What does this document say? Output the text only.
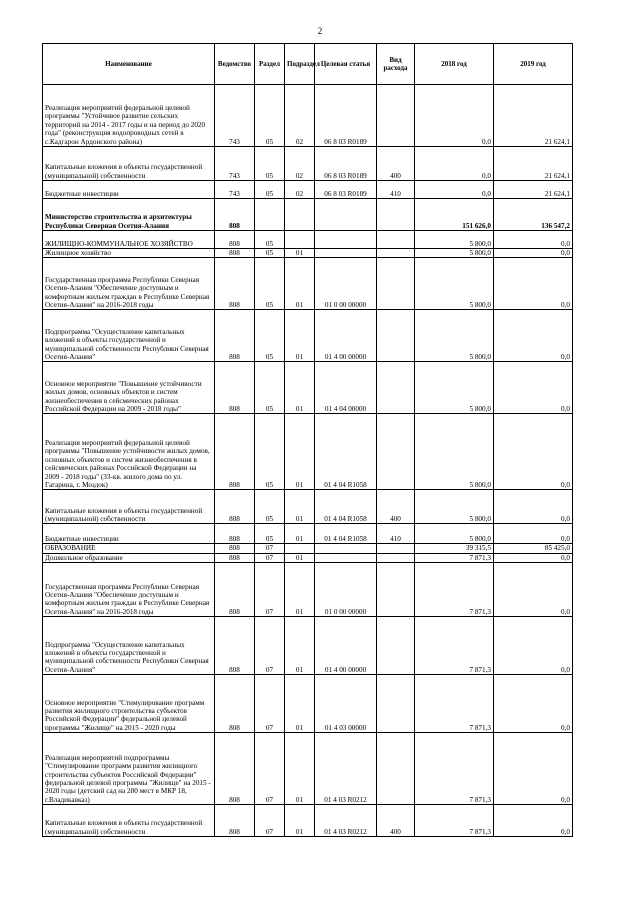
2
Наименование	Ведомство	Раздел	Подраздел	Целевая статья	Вид расхода	2018 год	2019 год
Реализация мероприятий федеральной целевой программы "Устойчивое развитие сельских территорий на 2014 - 2017 годы и на период до 2020 года" (реконструкция водопроводных сетей в с.Кадгарон Ардонского района)	743	05	02	06 8 03 R0189		0,0	21 624,1
Капитальные вложения в объекты государственной (муниципальной) собственности	743	05	02	06 8 03 R0189	400	0,0	21 624,1
Бюджетные инвестиции	743	05	02	06 8 03 R0189	410	0,0	21 624,1
Министерство строительства и архитектуры Республики Северная Осетия-Алания	808					151 626,0	136 547,2
ЖИЛИЩНО-КОММУНАЛЬНОЕ ХОЗЯЙСТВО	808	05				5 800,0	0,0
Жилищное хозяйство	808	05	01			5 800,0	0,0
Государственная программа Республики Северная Осетия-Алания "Обеспечение доступным и комфортным жильем граждан в Республике Северная Осетия-Алания" на 2016-2018 годы	808	05	01	01 0 00 00000		5 800,0	0,0
Подпрограмма "Осуществление капитальных вложений в объекты государственной и муниципальной собственности Республики Северная Осетия-Алания"	808	05	01	01 4 00 00000		5 800,0	0,0
Основное мероприятие "Повышение устойчивости жилых домов, основных объектов и систем жизнеобеспечения в сейсмических районах Российской Федерации на 2009 - 2018 годы"	808	05	01	01 4 04 00000		5 800,0	0,0
Реализация мероприятий федеральной целевой программы "Повышение устойчивости жилых домов, основных объектов и систем жизнеобеспечения в сейсмических районах Российской Федерации на 2009 - 2018 годы" (33-кв. жилого дома по ул. Гагарина, г. Моздок)	808	05	01	01 4 04 R1058		5 800,0	0,0
Капитальные вложения в объекты государственной (муниципальной) собственности	808	05	01	01 4 04 R1058	400	5 800,0	0,0
Бюджетные инвестиции	808	05	01	01 4 04 R1058	410	5 800,0	0,0
ОБРАЗОВАНИЕ	808	07				39 315,5	85 425,0
Дошкольное образование	808	07	01			7 871,3	0,0
Государственная программа Республики Северная Осетия-Алания "Обеспечение доступным и комфортным жильем граждан в Республике Северная Осетия-Алания" на 2016-2018 годы	808	07	01	01 0 00 00000		7 871,3	0,0
Подпрограмма "Осуществление капитальных вложений в объекты государственной и муниципальной собственности Республики Северная Осетия-Алания"	808	07	01	01 4 00 00000		7 871,3	0,0
Основное мероприятие "Стимулирование программ развития жилищного строительства субъектов Российской Федерации" федеральной целевой программы "Жилище" на 2015 - 2020 годы	808	07	01	01 4 03 00000		7 871,3	0,0
Реализация мероприятий подпрограммы "Стимулирование программ развития жилищного строительства субъектов Российской Федерации" федеральной целевой программы "Жилище" на 2015 - 2020 годы (детский сад на 280 мест в МКР 18, г.Владикавказ)	808	07	01	01 4 03 R0212		7 871,3	0,0
Капитальные вложения в объекты государственной (муниципальной) собственности	808	07	01	01 4 03 R0212	400	7 871,3	0,0
